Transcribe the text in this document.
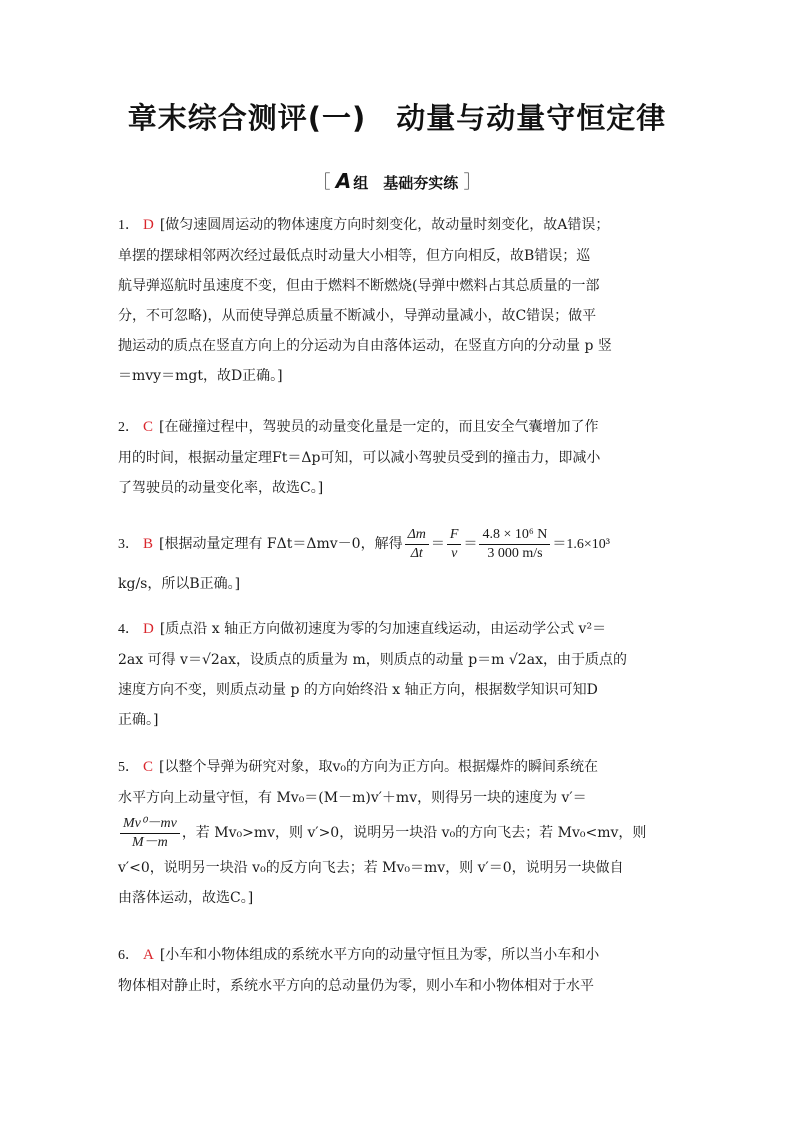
章末综合测评(一)　动量与动量守恒定律
［ A 组　基础夯实练 ］
1． D [做匀速圆周运动的物体速度方向时刻变化，故动量时刻变化，故A错误；
单摆的摆球相邻两次经过最低点时动量大小相等，但方向相反，故B错误；巡
航导弹巡航时虽速度不变，但由于燃料不断燃烧(导弹中燃料占其总质量的一部
分，不可忽略)，从而使导弹总质量不断减小，导弹动量减小，故C错误；做平
抛运动的质点在竖直方向上的分运动为自由落体运动，在竖直方向的分动量 p 竖
＝mvy＝mgt，故D正确。]
2． C [在碰撞过程中，驾驶员的动量变化量是一定的，而且安全气囊增加了作
用的时间，根据动量定理Ft＝Δp可知，可以减小驾驶员受到的撞击力，即减小
了驾驶员的动量变化率，故选C。]
3． B [根据动量定理有 FΔt＝Δmv－0，解得 $\frac{\Delta m}{\Delta t} = \frac{F}{v} = \frac{\text{4.8 × 10⁶ N}}{3 000 m/s} =1.6\times 10^3$
kg/s，所以B正确。]
4． D [质点沿 x 轴正方向做初速度为零的匀加速直线运动，由运动学公式 v²＝
2ax 可得 v＝√2ax，设质点的质量为 m，则质点的动量 p＝m √2ax，由于质点的
速度方向不变，则质点动量 p 的方向始终沿 x 轴正方向，根据数学知识可知D
正确。]
5． C [以整个导弹为研究对象，取v₀的方向为正方向。根据爆炸的瞬间系统在
水平方向上动量守恒，有 Mv₀＝(M－m)v′＋mv，则得另一块的速度为 v′＝
$\frac{\text{Mv⁰－mv}}{M-m}$ ，若 Mv₀>mv，则 v′>0，说明另一块沿 v₀的方向飞去；若 Mv₀<mv，则
v′<0，说明另一块沿 v₀的反方向飞去；若 Mv₀＝mv，则 v′＝0，说明另一块做自
由落体运动，故选C。]
6． A [小车和小物体组成的系统水平方向的动量守恒且为零，所以当小车和小
物体相对静止时，系统水平方向的总动量仍为零，则小车和小物体相对于水平
